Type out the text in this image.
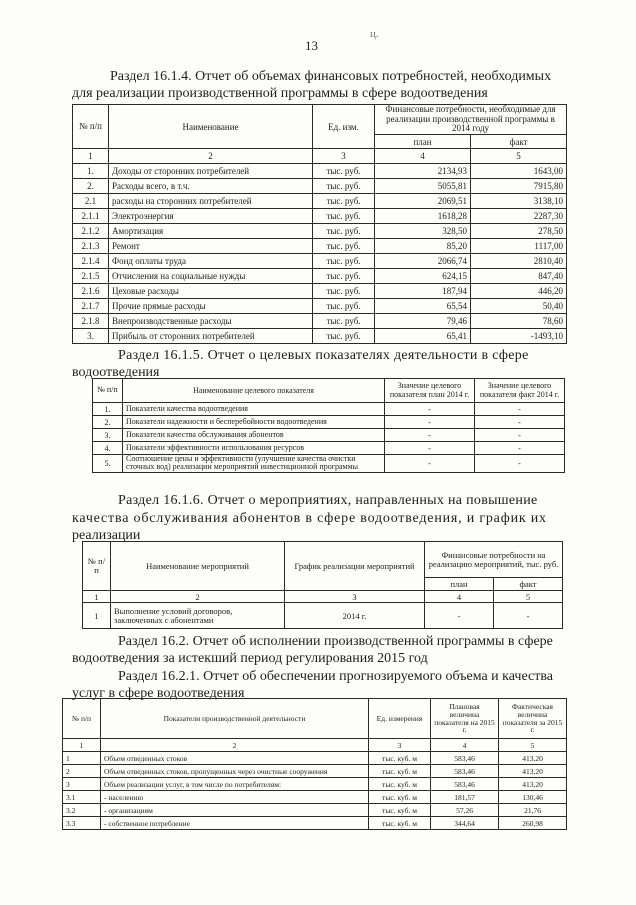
13
ц.
Раздел 16.1.4. Отчет об объемах финансовых потребностей, необходимых
для реализации производственной программы в сфере водоотведения
№ п/п	Наименование	Ед. изм.	Финансовые потребности, необходимые для реализации производственной программы в 2014 году	
			план	факт
1	2	3	4	5
1.	Доходы от сторонних потребителей	тыс. руб.	2134,93	1643,00
2.	Расходы всего, в т.ч.	тыс. руб.	5055,81	7915,80
2.1	расходы на сторонних потребителей	тыс. руб.	2069,51	3138,10
2.1.1	Электроэнергия	тыс. руб.	1618,28	2287,30
2.1.2	Амортизация	тыс. руб.	328,50	278,50
2.1.3	Ремонт	тыс. руб.	85,20	1117,00
2.1.4	Фонд оплаты труда	тыс. руб.	2066,74	2810,40
2.1.5	Отчисления на социальные нужды	тыс. руб.	624,15	847,40
2.1.6	Цеховые расходы	тыс. руб.	187,94	446,20
2.1.7	Прочие прямые расходы	тыс. руб.	65,54	50,40
2.1.8	Внепроизводственные расходы	тыс. руб.	79,46	78,60
3.	Прибыль от сторонних потребителей	тыс. руб.	65,41	-1493,10
Раздел 16.1.5. Отчет о целевых показателях деятельности в сфере
водоотведения
№ п/п	Наименование целевого показателя	Значение целевого показателя план 2014 г.	Значение целевого показателя факт 2014 г.
1.	Показатели качества водоотведения	-	-
2.	Показатели надежности и бесперебойности водоотведения	-	-
3.	Показатели качества обслуживания абонентов	-	-
4.	Показатели эффективности использования ресурсов	-	-
5.	Соотношение цены и эффективности (улучшение качества очистки сточных вод) реализации мероприятий инвестиционной программы	-	-
Раздел 16.1.6. Отчет о мероприятиях, направленных на повышение
качества обслуживания абонентов в сфере водоотведения, и график их
реализации
№ п/п	Наименование мероприятий	График реализации мероприятий	Финансовые потребности на реализацию мероприятий, тыс. руб.	
			план	факт
1	2	3	4	5
1	Выполнение условий договоров, заключенных с абонентами	2014 г.	-	-
Раздел 16.2. Отчет об исполнении производственной программы в сфере
водоотведения за истекший период регулирования 2015 год
Раздел 16.2.1. Отчет об обеспечении прогнозируемого объема и качества
услуг в сфере водоотведения
№ п/п	Показатели производственной деятельности	Ед. измерения	Плановая величина показателя на 2015 г.	Фактическая величина показателя за 2015 г.
1	2	3	4	5
1	Объем отведенных стоков	тыс. куб. м	583,46	413,20
2	Объем отведенных стоков, пропущенных через очистные сооружения	тыс. куб. м	583,46	413,20
3	Объем реализации услуг, в том числе по потребителям:	тыс. куб. м	583,46	413,20
3.1	- населению	тыс. куб. м	181,57	130,46
3.2	- организациям	тыс. куб. м	57,26	21,76
3.3	- собственное потребление	тыс. куб. м	344,64	260,98
